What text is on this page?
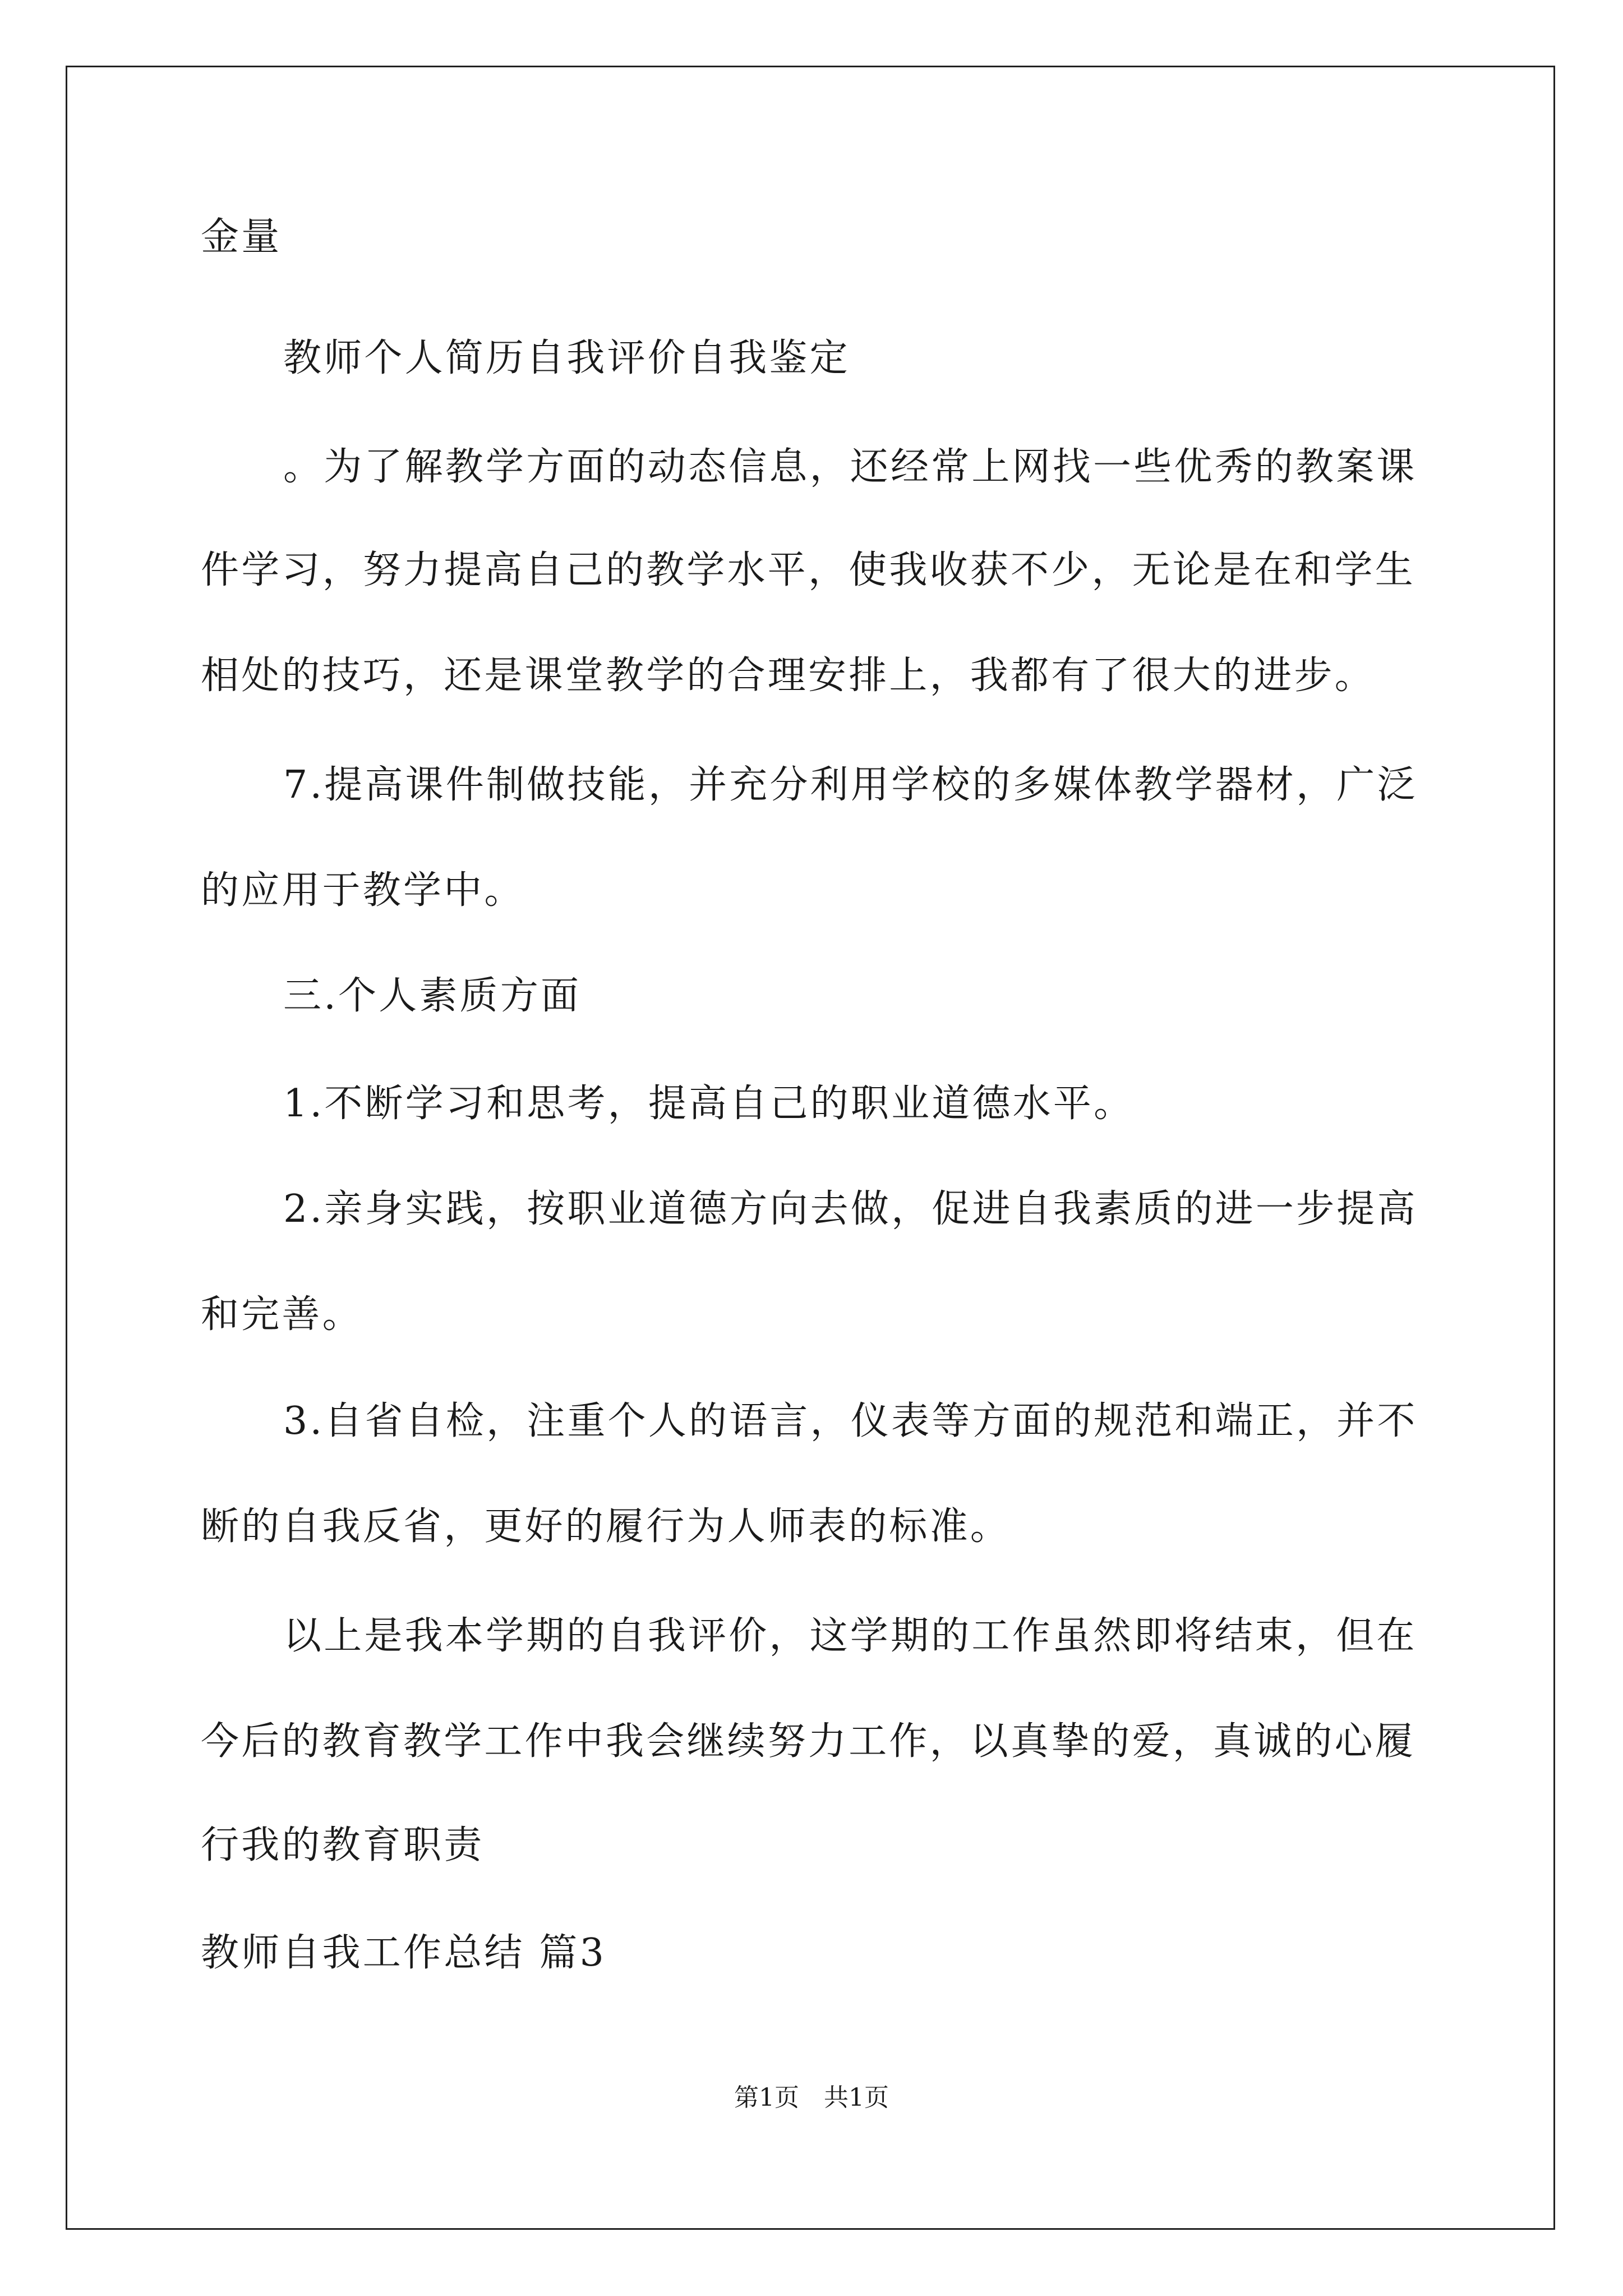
金量
教师个人简历自我评价自我鉴定
。为了解教学方面的动态信息，还经常上网找一些优秀的教案课
件学习，努力提高自己的教学水平，使我收获不少，无论是在和学生
相处的技巧，还是课堂教学的合理安排上，我都有了很大的进步。
7.提高课件制做技能，并充分利用学校的多媒体教学器材，广泛
的应用于教学中。
三.个人素质方面
1.不断学习和思考，提高自己的职业道德水平。
2.亲身实践，按职业道德方向去做，促进自我素质的进一步提高
和完善。
3.自省自检，注重个人的语言，仪表等方面的规范和端正，并不
断的自我反省，更好的履行为人师表的标准。
以上是我本学期的自我评价，这学期的工作虽然即将结束，但在
今后的教育教学工作中我会继续努力工作，以真挚的爱，真诚的心履
行我的教育职责
教师自我工作总结 篇3
第1页　共1页
